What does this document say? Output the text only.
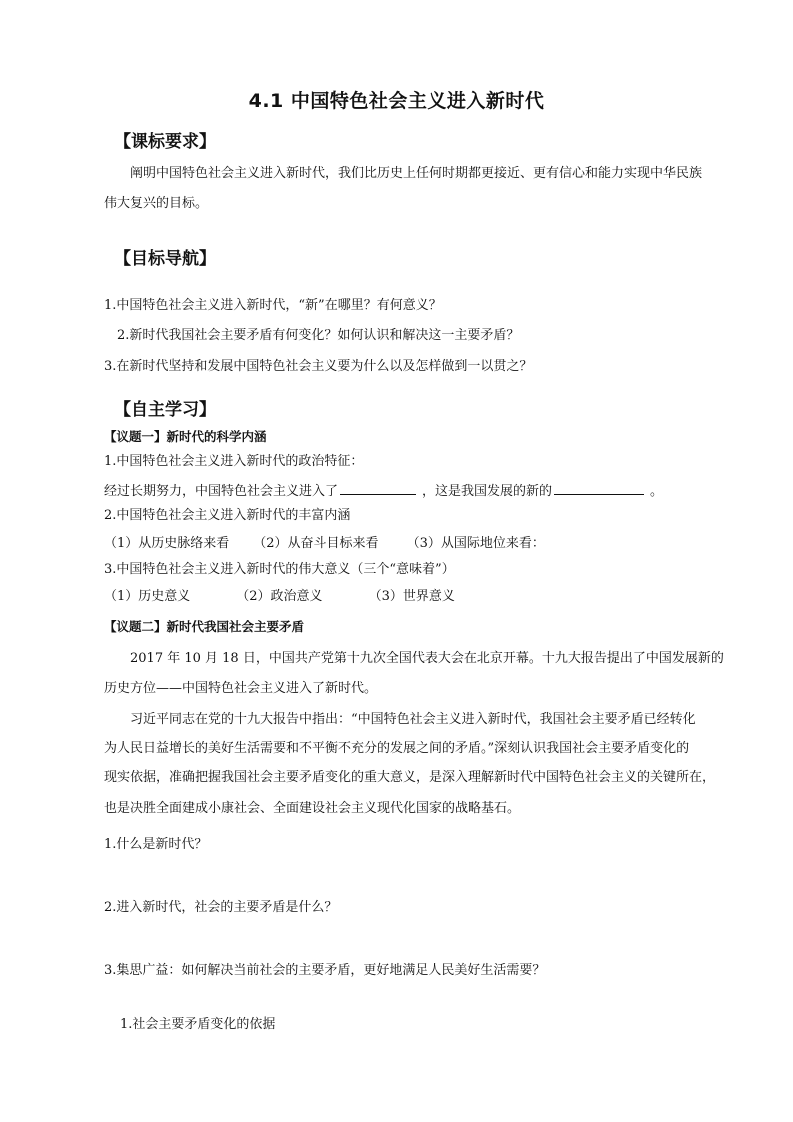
4.1 中国特色社会主义进入新时代
【课标要求】
阐明中国特色社会主义进入新时代，我们比历史上任何时期都更接近、更有信心和能力实现中华民族
伟大复兴的目标。
【目标导航】
1.中国特色社会主义进入新时代，“新”在哪里？有何意义？
2.新时代我国社会主要矛盾有何变化？如何认识和解决这一主要矛盾？
3.在新时代坚持和发展中国特色社会主义要为什么以及怎样做到一以贯之？
【自主学习】
【议题一】新时代的科学内涵
1.中国特色社会主义进入新时代的政治特征：
经过长期努力，中国特色社会主义进入了	，这是我国发展的新的	。
2.中国特色社会主义进入新时代的丰富内涵
（1）从历史脉络来看 （2）从奋斗目标来看 （3）从国际地位来看：
3.中国特色社会主义进入新时代的伟大意义（三个“意味着”）
（1）历史意义	（2）政治意义	（3）世界意义
【议题二】新时代我国社会主要矛盾
2017 年 10 月 18 日，中国共产党第十九次全国代表大会在北京开幕。十九大报告提出了中国发展新的
历史方位——中国特色社会主义进入了新时代。
习近平同志在党的十九大报告中指出：“中国特色社会主义进入新时代，我国社会主要矛盾已经转化
为人民日益增长的美好生活需要和不平衡不充分的发展之间的矛盾。”深刻认识我国社会主要矛盾变化的
现实依据，准确把握我国社会主要矛盾变化的重大意义，是深入理解新时代中国特色社会主义的关键所在，
也是决胜全面建成小康社会、全面建设社会主义现代化国家的战略基石。
1.什么是新时代？
2.进入新时代，社会的主要矛盾是什么？
3.集思广益：如何解决当前社会的主要矛盾，更好地满足人民美好生活需要？
1.社会主要矛盾变化的依据
